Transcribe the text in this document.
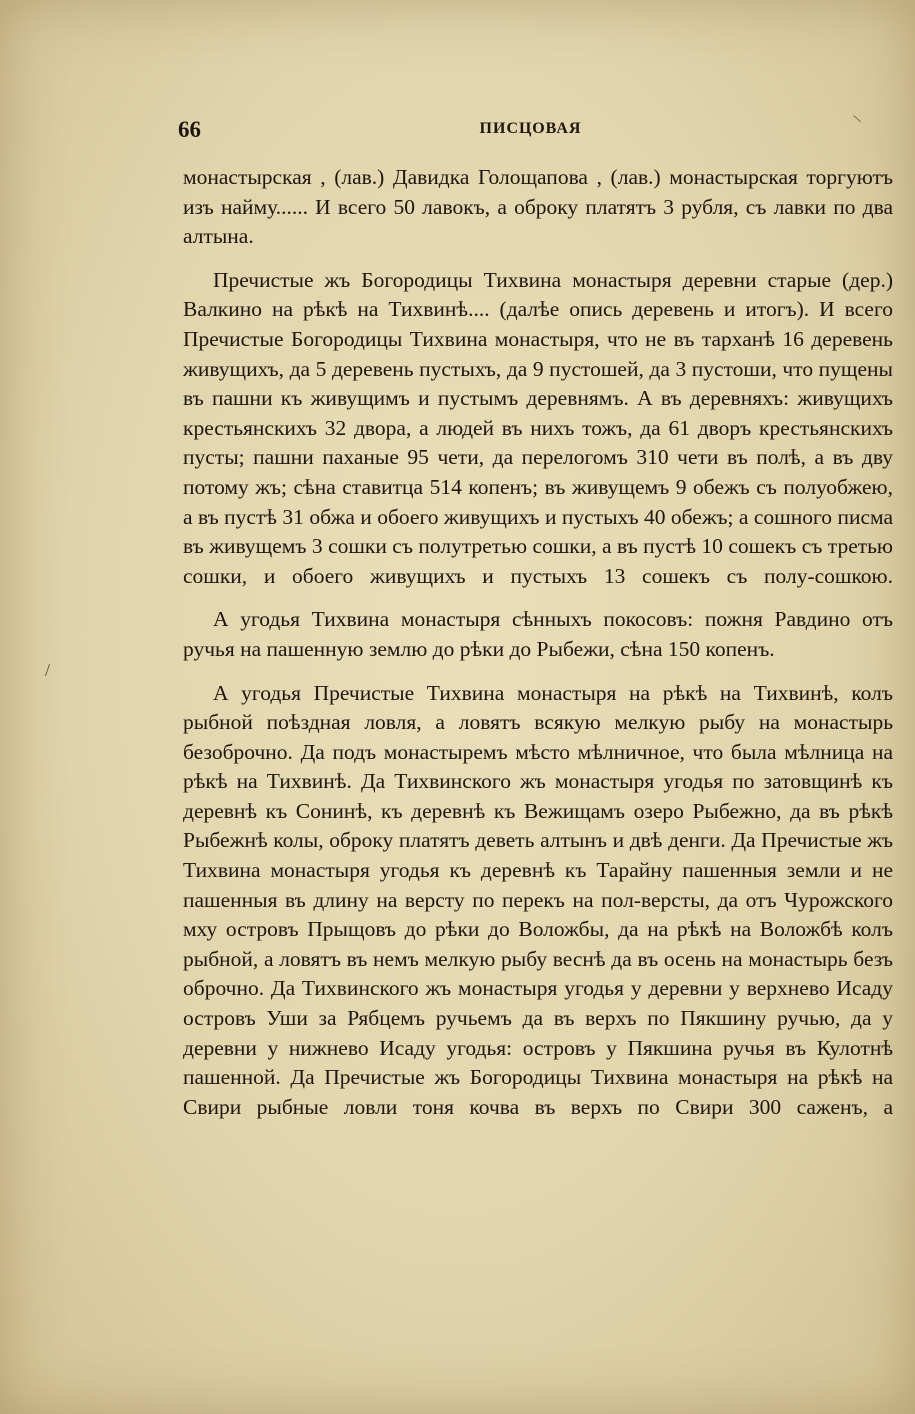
66	ПИСЦОВАЯ

монастырская , (лав.) Давидка Голощапова , (лав.) монастырская торгуютъ изъ найму...... И всего 50 лавокъ, а оброку платятъ 3 рубля, съ лавки по два алтына.

Пречистые жъ Богородицы Тихвина монастыря деревни старые (дер.) Валкино на рѣкѣ на Тихвинѣ.... (далѣе опись деревень и итогъ). И всего Пречистые Богородицы Тихвина монастыря, что не въ тарханѣ 16 деревень живущихъ, да 5 деревень пустыхъ, да 9 пустошей, да 3 пустоши, что пущены въ пашни къ живущимъ и пустымъ деревнямъ. А въ деревняхъ: живущихъ крестьянскихъ 32 двора, а людей въ нихъ тожъ, да 61 дворъ крестьянскихъ пусты; пашни паханые 95 чети, да перелогомъ 310 чети въ полѣ, а въ дву потому жъ; сѣна ставитца 514 копенъ; въ живущемъ 9 обежъ съ полуобжею, а въ пустѣ 31 обжа и обоего живущихъ и пустыхъ 40 обежъ; а сошного писма въ живущемъ 3 сошки съ полутретью сошки, а въ пустѣ 10 сошекъ съ третью сошки, и обоего живущихъ и пустыхъ 13 сошекъ съ полу-сошкою.

А угодья Тихвина монастыря сѣнныхъ покосовъ: пожня Равдино отъ ручья на пашенную землю до рѣки до Рыбежи, сѣна 150 копенъ.

А угодья Пречистые Тихвина монастыря на рѣкѣ на Тихвинѣ, колъ рыбной поѣздная ловля, а ловятъ всякую мелкую рыбу на монастырь безоброчно. Да подъ монастыремъ мѣсто мѣлничное, что была мѣлница на рѣкѣ на Тихвинѣ. Да Тихвинского жъ монастыря угодья по затовщинѣ къ деревнѣ къ Сонинѣ, къ деревнѣ къ Вежищамъ озеро Рыбежно, да въ рѣкѣ Рыбежнѣ колы, оброку платятъ деветь алтынъ и двѣ денги. Да Пречистые жъ Тихвина монастыря угодья къ деревнѣ къ Тарайну пашенныя земли и не пашенныя въ длину на версту по перекъ на пол-версты, да отъ Чурожского мху островъ Прыщовъ до рѣки до Воложбы, да на рѣкѣ на Воложбѣ колъ рыбной, а ловятъ въ немъ мелкую рыбу веснѣ да въ осень на монастырь безъ оброчно. Да Тихвинского жъ монастыря угодья у деревни у верхнево Исаду островъ Уши за Рябцемъ ручьемъ да въ верхъ по Пякшину ручью, да у деревни у нижнево Исаду угодья: островъ у Пякшина ручья въ Кулотнѣ пашенной. Да Пречистые жъ Богородицы Тихвина монастыря на рѣкѣ на Свири рыбные ловли тоня кочва въ верхъ по Свири 300 саженъ, а

\
/
